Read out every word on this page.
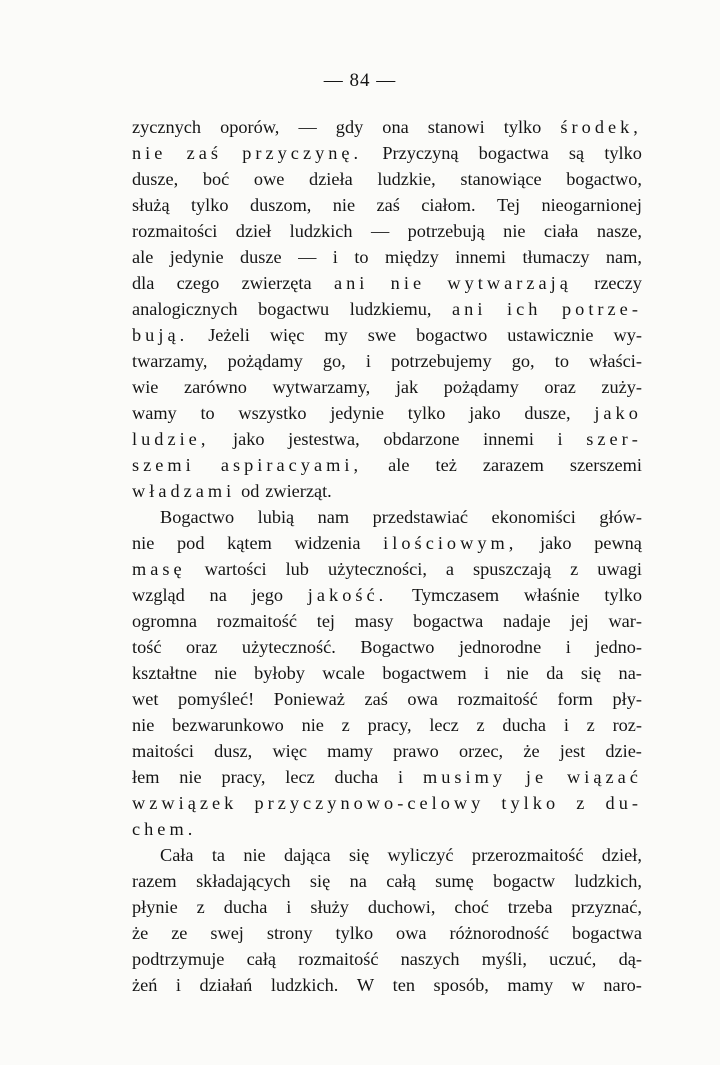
— 84 —
zycznych oporów, — gdy ona stanowi tylko środek,
nie zaś przyczynę. Przyczyną bogactwa są tylko
dusze, boć owe dzieła ludzkie, stanowiące bogactwo,
służą tylko duszom, nie zaś ciałom. Tej nieogarnionej
rozmaitości dzieł ludzkich — potrzebują nie ciała nasze,
ale jedynie dusze — i to między innemi tłumaczy nam,
dla czego zwierzęta ani nie wytwarzają rzeczy
analogicznych bogactwu ludzkiemu, ani ich potrze‑
bują. Jeżeli więc my swe bogactwo ustawicznie wy‑
twarzamy, pożądamy go, i potrzebujemy go, to właści‑
wie zarówno wytwarzamy, jak pożądamy oraz zuży‑
wamy to wszystko jedynie tylko jako dusze, jako
ludzie, jako jestestwa, obdarzone innemi i szer‑
szemi aspiracyami, ale też zarazem szerszemi
władzami od zwierząt.
Bogactwo lubią nam przedstawiać ekonomiści głów‑
nie pod kątem widzenia ilościowym, jako pewną
masę wartości lub użyteczności, a spuszczają z uwagi
wzgląd na jego jakość. Tymczasem właśnie tylko
ogromna rozmaitość tej masy bogactwa nadaje jej war‑
tość oraz użyteczność. Bogactwo jednorodne i jedno‑
kształtne nie byłoby wcale bogactwem i nie da się na‑
wet pomyśleć! Ponieważ zaś owa rozmaitość form pły‑
nie bezwarunkowo nie z pracy, lecz z ducha i z roz‑
maitości dusz, więc mamy prawo orzec, że jest dzie‑
łem nie pracy, lecz ducha i musimy je wiązać
wzwiązek przyczynowo‑celowy tylko z du‑
chem.
Cała ta nie dająca się wyliczyć przerozmaitość dzieł,
razem składających się na całą sumę bogactw ludzkich,
płynie z ducha i służy duchowi, choć trzeba przyznać,
że ze swej strony tylko owa różnorodność bogactwa
podtrzymuje całą rozmaitość naszych myśli, uczuć, dą‑
żeń i działań ludzkich. W ten sposób, mamy w naro‑
